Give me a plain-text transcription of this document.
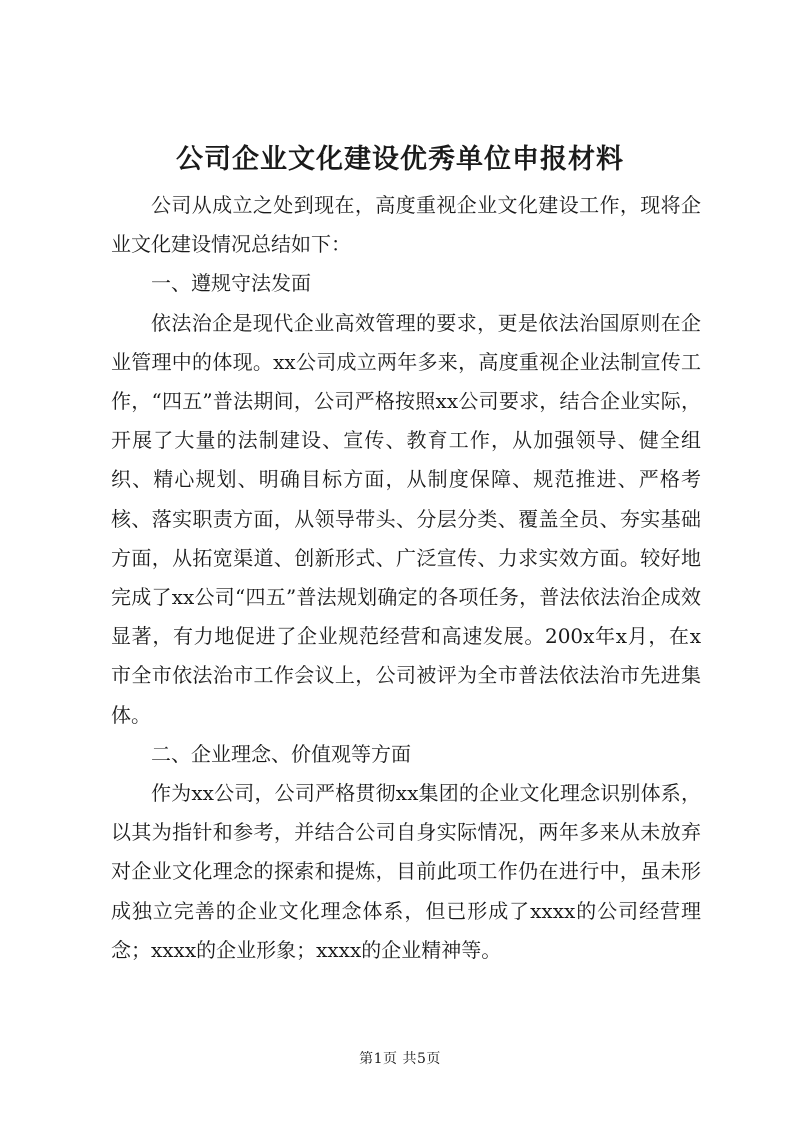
公司企业文化建设优秀单位申报材料

公司从成立之处到现在，高度重视企业文化建设工作，现将企业文化建设情况总结如下：

一、遵规守法发面

依法治企是现代企业高效管理的要求，更是依法治国原则在企业管理中的体现。xx公司成立两年多来，高度重视企业法制宣传工作，“四五”普法期间，公司严格按照xx公司要求，结合企业实际，开展了大量的法制建设、宣传、教育工作，从加强领导、健全组织、精心规划、明确目标方面，从制度保障、规范推进、严格考核、落实职责方面，从领导带头、分层分类、覆盖全员、夯实基础方面，从拓宽渠道、创新形式、广泛宣传、力求实效方面。较好地完成了xx公司“四五”普法规划确定的各项任务，普法依法治企成效显著，有力地促进了企业规范经营和高速发展。200x年x月，在x市全市依法治市工作会议上，公司被评为全市普法依法治市先进集体。

二、企业理念、价值观等方面

作为xx公司，公司严格贯彻xx集团的企业文化理念识别体系，以其为指针和参考，并结合公司自身实际情况，两年多来从未放弃对企业文化理念的探索和提炼，目前此项工作仍在进行中，虽未形成独立完善的企业文化理念体系，但已形成了xxxx的公司经营理念；xxxx的企业形象；xxxx的企业精神等。

第1页 共5页
